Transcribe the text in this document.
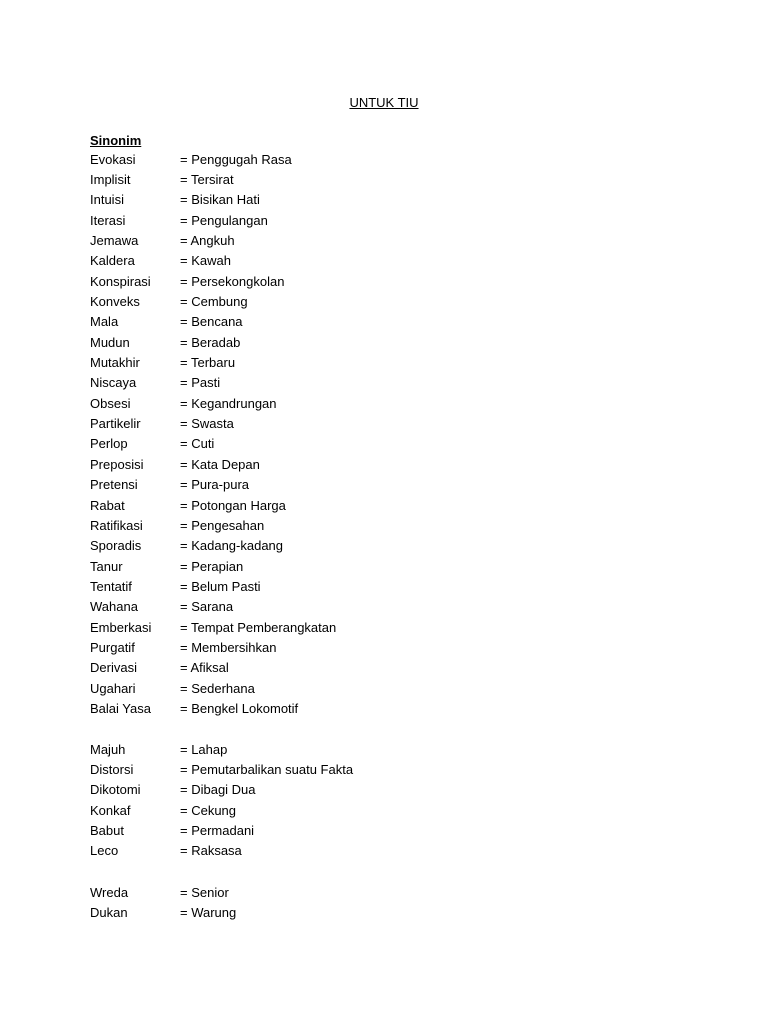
UNTUK TIU
Sinonim
Evokasi	= Penggugah Rasa
Implisit	= Tersirat
Intuisi	= Bisikan Hati
Iterasi	= Pengulangan
Jemawa	= Angkuh
Kaldera	= Kawah
Konspirasi	= Persekongkolan
Konveks	= Cembung
Mala	= Bencana
Mudun	= Beradab
Mutakhir	= Terbaru
Niscaya	= Pasti
Obsesi	= Kegandrungan
Partikelir	= Swasta
Perlop	= Cuti
Preposisi	= Kata Depan
Pretensi	= Pura-pura
Rabat	= Potongan Harga
Ratifikasi	= Pengesahan
Sporadis	= Kadang-kadang
Tanur	= Perapian
Tentatif	= Belum Pasti
Wahana	= Sarana
Emberkasi	= Tempat Pemberangkatan
Purgatif	= Membersihkan
Derivasi	= Afiksal
Ugahari	= Sederhana
Balai Yasa	= Bengkel Lokomotif
Majuh	= Lahap
Distorsi	= Pemutarbalikan suatu Fakta
Dikotomi	= Dibagi Dua
Konkaf	= Cekung
Babut	= Permadani
Leco	= Raksasa
Wreda	= Senior
Dukan	= Warung
